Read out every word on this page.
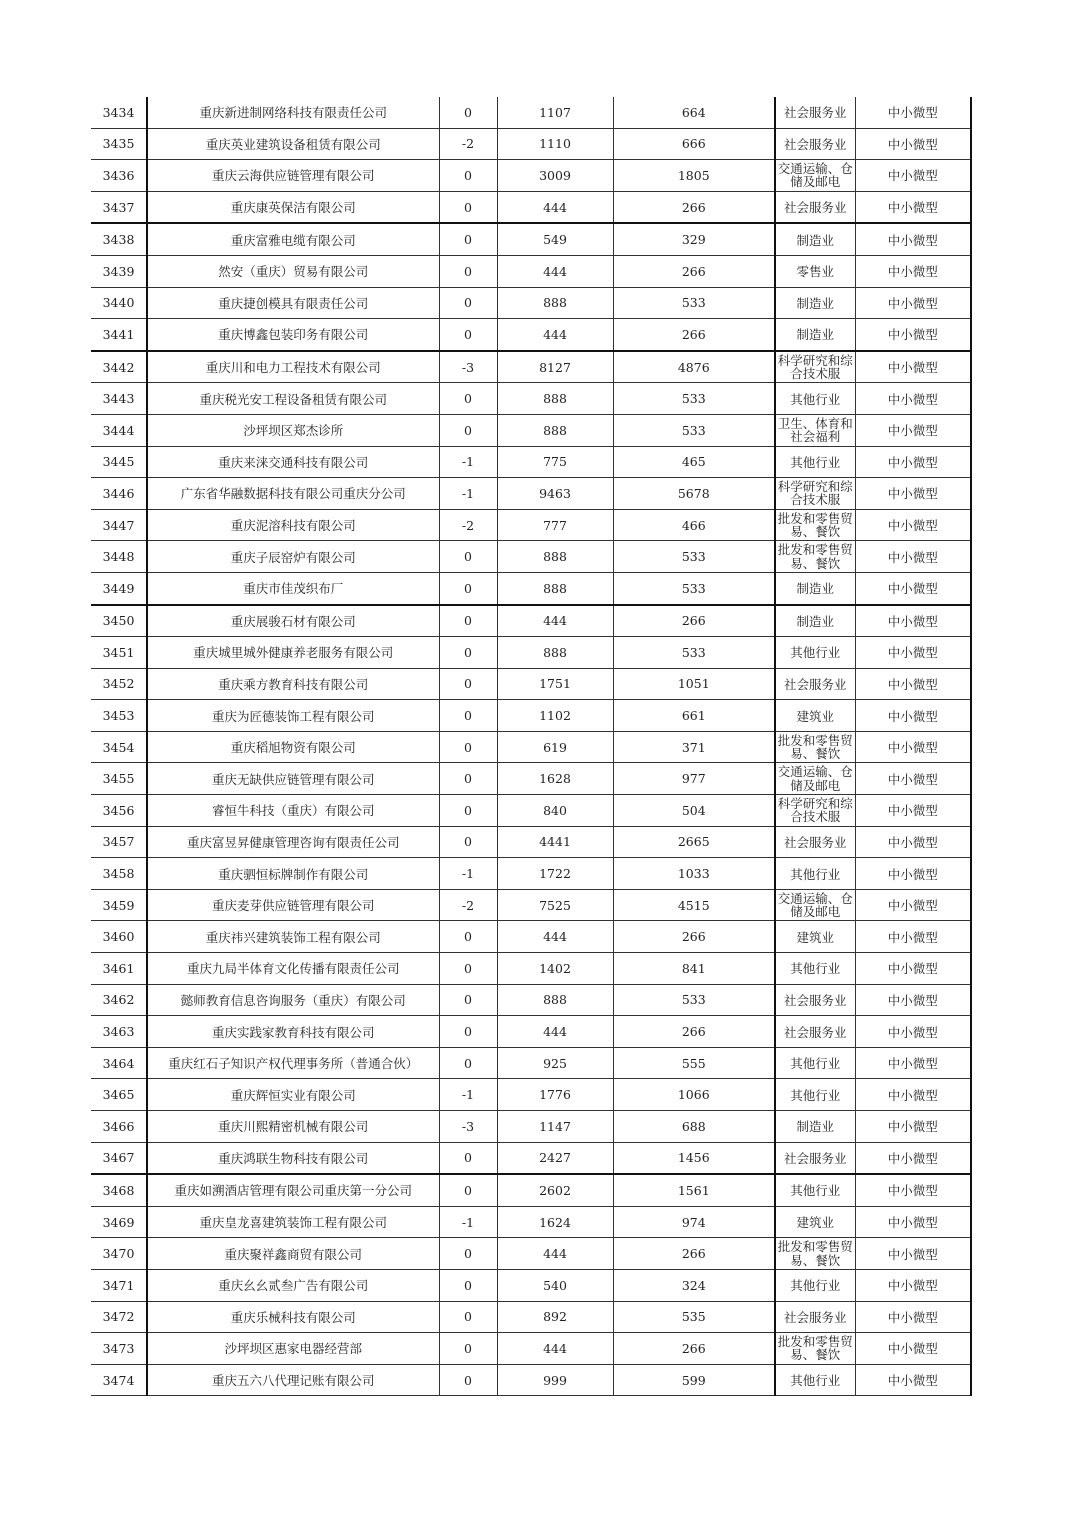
3434	重庆新进制网络科技有限责任公司	0	1107	664	社会服务业	中小微型
3435	重庆英业建筑设备租赁有限公司	-2	1110	666	社会服务业	中小微型
3436	重庆云海供应链管理有限公司	0	3009	1805	交通运输、仓储及邮电	中小微型
3437	重庆康英保洁有限公司	0	444	266	社会服务业	中小微型
3438	重庆富雅电缆有限公司	0	549	329	制造业	中小微型
3439	然安（重庆）贸易有限公司	0	444	266	零售业	中小微型
3440	重庆捷创模具有限责任公司	0	888	533	制造业	中小微型
3441	重庆博鑫包装印务有限公司	0	444	266	制造业	中小微型
3442	重庆川和电力工程技术有限公司	-3	8127	4876	科学研究和综合技术服	中小微型
3443	重庆税光安工程设备租赁有限公司	0	888	533	其他行业	中小微型
3444	沙坪坝区郑杰诊所	0	888	533	卫生、体育和社会福利	中小微型
3445	重庆来涞交通科技有限公司	-1	775	465	其他行业	中小微型
3446	广东省华融数据科技有限公司重庆分公司	-1	9463	5678	科学研究和综合技术服	中小微型
3447	重庆泥溶科技有限公司	-2	777	466	批发和零售贸易、餐饮	中小微型
3448	重庆子辰窑炉有限公司	0	888	533	批发和零售贸易、餐饮	中小微型
3449	重庆市佳茂织布厂	0	888	533	制造业	中小微型
3450	重庆展骏石材有限公司	0	444	266	制造业	中小微型
3451	重庆城里城外健康养老服务有限公司	0	888	533	其他行业	中小微型
3452	重庆乘方教育科技有限公司	0	1751	1051	社会服务业	中小微型
3453	重庆为匠德装饰工程有限公司	0	1102	661	建筑业	中小微型
3454	重庆稻旭物资有限公司	0	619	371	批发和零售贸易、餐饮	中小微型
3455	重庆无缺供应链管理有限公司	0	1628	977	交通运输、仓储及邮电	中小微型
3456	睿恒牛科技（重庆）有限公司	0	840	504	科学研究和综合技术服	中小微型
3457	重庆富昱昇健康管理咨询有限责任公司	0	4441	2665	社会服务业	中小微型
3458	重庆驷恒标牌制作有限公司	-1	1722	1033	其他行业	中小微型
3459	重庆麦芽供应链管理有限公司	-2	7525	4515	交通运输、仓储及邮电	中小微型
3460	重庆祎兴建筑装饰工程有限公司	0	444	266	建筑业	中小微型
3461	重庆九局半体育文化传播有限责任公司	0	1402	841	其他行业	中小微型
3462	懿师教育信息咨询服务（重庆）有限公司	0	888	533	社会服务业	中小微型
3463	重庆实践家教育科技有限公司	0	444	266	社会服务业	中小微型
3464	重庆红石子知识产权代理事务所（普通合伙）	0	925	555	其他行业	中小微型
3465	重庆辉恒实业有限公司	-1	1776	1066	其他行业	中小微型
3466	重庆川熙精密机械有限公司	-3	1147	688	制造业	中小微型
3467	重庆鸿联生物科技有限公司	0	2427	1456	社会服务业	中小微型
3468	重庆如溯酒店管理有限公司重庆第一分公司	0	2602	1561	其他行业	中小微型
3469	重庆皇龙喜建筑装饰工程有限公司	-1	1624	974	建筑业	中小微型
3470	重庆聚祥鑫商贸有限公司	0	444	266	批发和零售贸易、餐饮	中小微型
3471	重庆幺幺贰叁广告有限公司	0	540	324	其他行业	中小微型
3472	重庆乐械科技有限公司	0	892	535	社会服务业	中小微型
3473	沙坪坝区惠家电器经营部	0	444	266	批发和零售贸易、餐饮	中小微型
3474	重庆五六八代理记账有限公司	0	999	599	其他行业	中小微型
